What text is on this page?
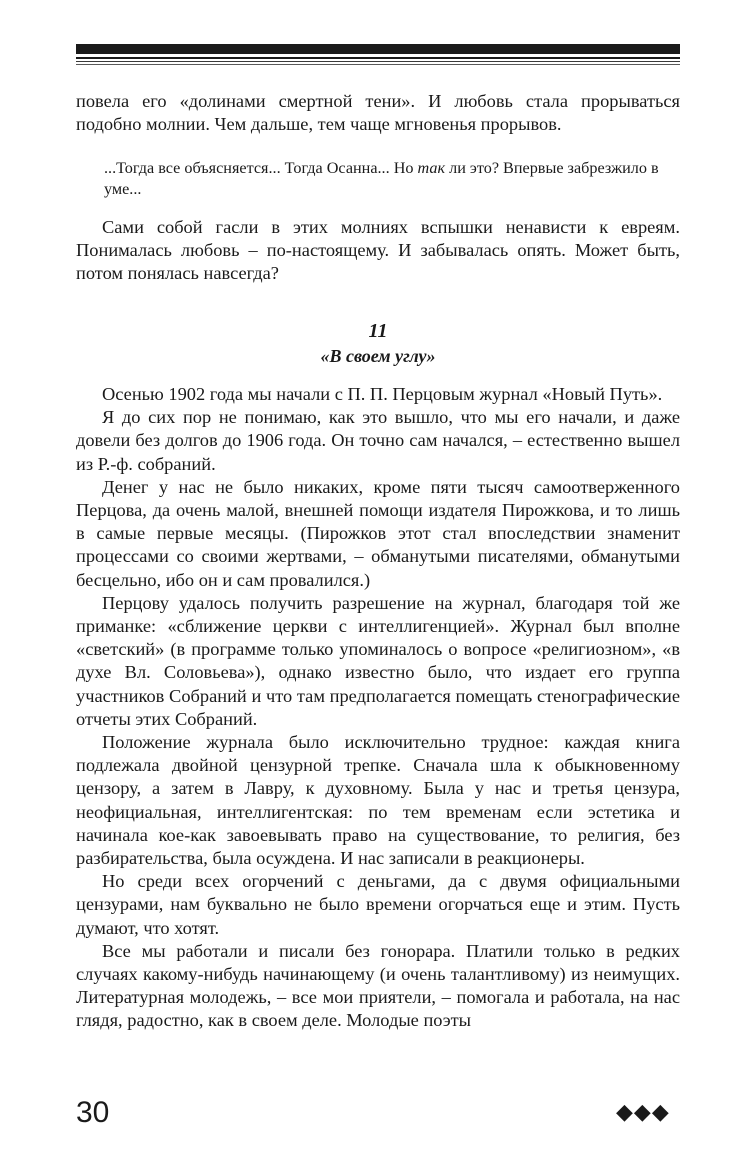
повела его «долинами смертной тени». И любовь стала прорываться подобно молнии. Чем дальше, тем чаще мгновенья прорывов.

...Тогда все объясняется... Тогда Осанна... Но так ли это? Впервые забрезжило в уме...

Сами собой гасли в этих молниях вспышки ненависти к евреям. Понималась любовь – по-настоящему. И забывалась опять. Может быть, потом понялась навсегда?

11
«В своем углу»

Осенью 1902 года мы начали с П. П. Перцовым журнал «Новый Путь».

Я до сих пор не понимаю, как это вышло, что мы его начали, и даже довели без долгов до 1906 года. Он точно сам начался, – естественно вышел из Р.-ф. собраний.

Денег у нас не было никаких, кроме пяти тысяч самоотверженного Перцова, да очень малой, внешней помощи издателя Пирожкова, и то лишь в самые первые месяцы. (Пирожков этот стал впоследствии знаменит процессами со своими жертвами, – обманутыми писателями, обманутыми бесцельно, ибо он и сам провалился.)

Перцову удалось получить разрешение на журнал, благодаря той же приманке: «сближение церкви с интеллигенцией». Журнал был вполне «светский» (в программе только упоминалось о вопросе «религиозном», «в духе Вл. Соловьева»), однако известно было, что издает его группа участников Собраний и что там предполагается помещать стенографические отчеты этих Собраний.

Положение журнала было исключительно трудное: каждая книга подлежала двойной цензурной трепке. Сначала шла к обыкновенному цензору, а затем в Лавру, к духовному. Была у нас и третья цензура, неофициальная, интеллигентская: по тем временам если эстетика и начинала кое-как завоевывать право на существование, то религия, без разбирательства, была осуждена. И нас записали в реакционеры.

Но среди всех огорчений с деньгами, да с двумя официальными цензурами, нам буквально не было времени огорчаться еще и этим. Пусть думают, что хотят.

Все мы работали и писали без гонорара. Платили только в редких случаях какому-нибудь начинающему (и очень талантливому) из неимущих. Литературная молодежь, – все мои приятели, – помогала и работала, на нас глядя, радостно, как в своем деле. Молодые поэты

30	◆◆◆
